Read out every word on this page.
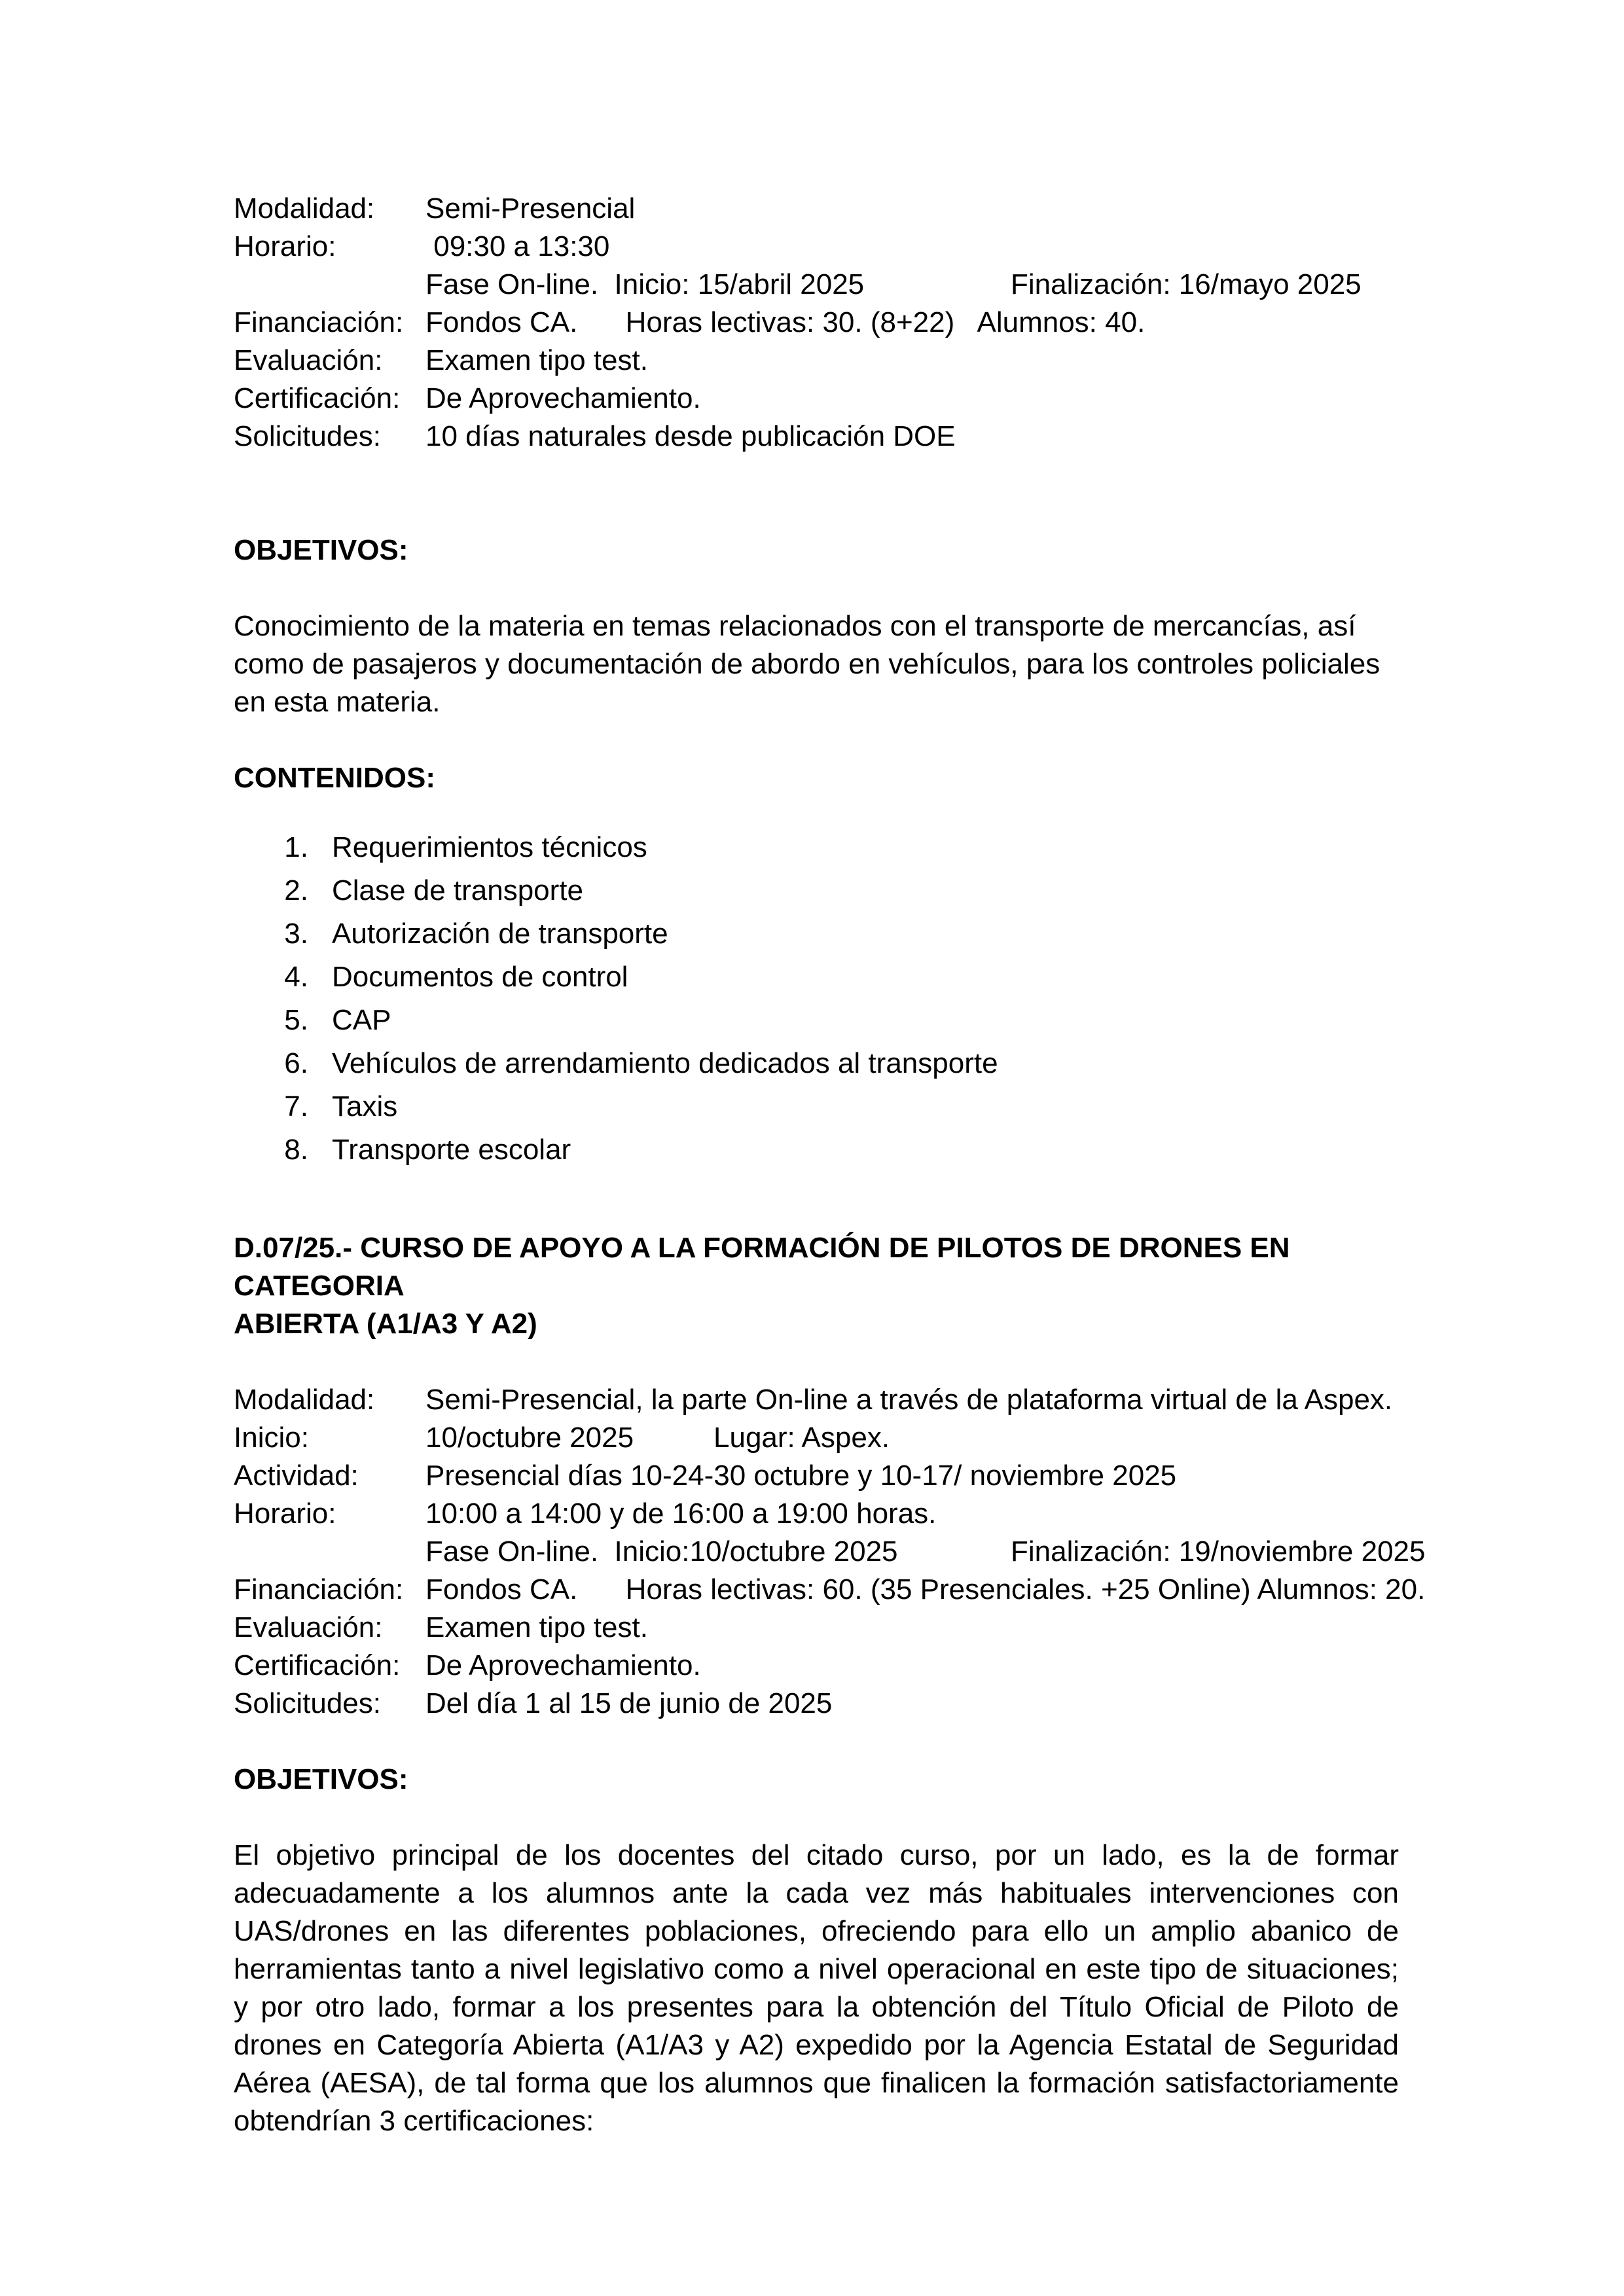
Modalidad:	Semi-Presencial
Horario:	09:30 a 13:30
Fase On-line.  Inicio: 15/abril 2025	Finalización: 16/mayo 2025
Financiación: Fondos CA.      Horas lectivas: 30. (8+22)   Alumnos: 40.
Evaluación:	Examen tipo test.
Certificación: De Aprovechamiento.
Solicitudes:	10 días naturales desde publicación DOE

OBJETIVOS:

Conocimiento de la materia en temas relacionados con el transporte de mercancías, así como de pasajeros y documentación de abordo en vehículos, para los controles policiales en esta materia.

CONTENIDOS:

1. Requerimientos técnicos
2. Clase de transporte
3. Autorización de transporte
4. Documentos de control
5. CAP
6. Vehículos de arrendamiento dedicados al transporte
7. Taxis
8. Transporte escolar

D.07/25.- CURSO DE APOYO A LA FORMACIÓN DE PILOTOS DE DRONES EN CATEGORIA
ABIERTA (A1/A3 Y A2)

Modalidad:	Semi-Presencial, la parte On-line a través de plataforma virtual de la Aspex.
Inicio:	10/octubre 2025	Lugar: Aspex.
Actividad:	Presencial días 10-24-30 octubre y 10-17/ noviembre 2025
Horario:	10:00 a 14:00 y de 16:00 a 19:00 horas.
Fase On-line.  Inicio:10/octubre 2025	Finalización: 19/noviembre 2025
Financiación: Fondos CA.      Horas lectivas: 60. (35 Presenciales. +25 Online) Alumnos: 20.
Evaluación:	Examen tipo test.
Certificación: De Aprovechamiento.
Solicitudes:	Del día 1 al 15 de junio de 2025

OBJETIVOS:

El objetivo principal de los docentes del citado curso, por un lado, es la de formar adecuadamente a los alumnos ante la cada vez más habituales intervenciones con UAS/drones en las diferentes poblaciones, ofreciendo para ello un amplio abanico de herramientas tanto a nivel legislativo como a nivel operacional en este tipo de situaciones; y por otro lado, formar a los presentes para la obtención del Título Oficial de Piloto de drones en Categoría Abierta (A1/A3 y A2) expedido por la Agencia Estatal de Seguridad Aérea (AESA), de tal forma que los alumnos que finalicen la formación satisfactoriamente obtendrían 3 certificaciones:
